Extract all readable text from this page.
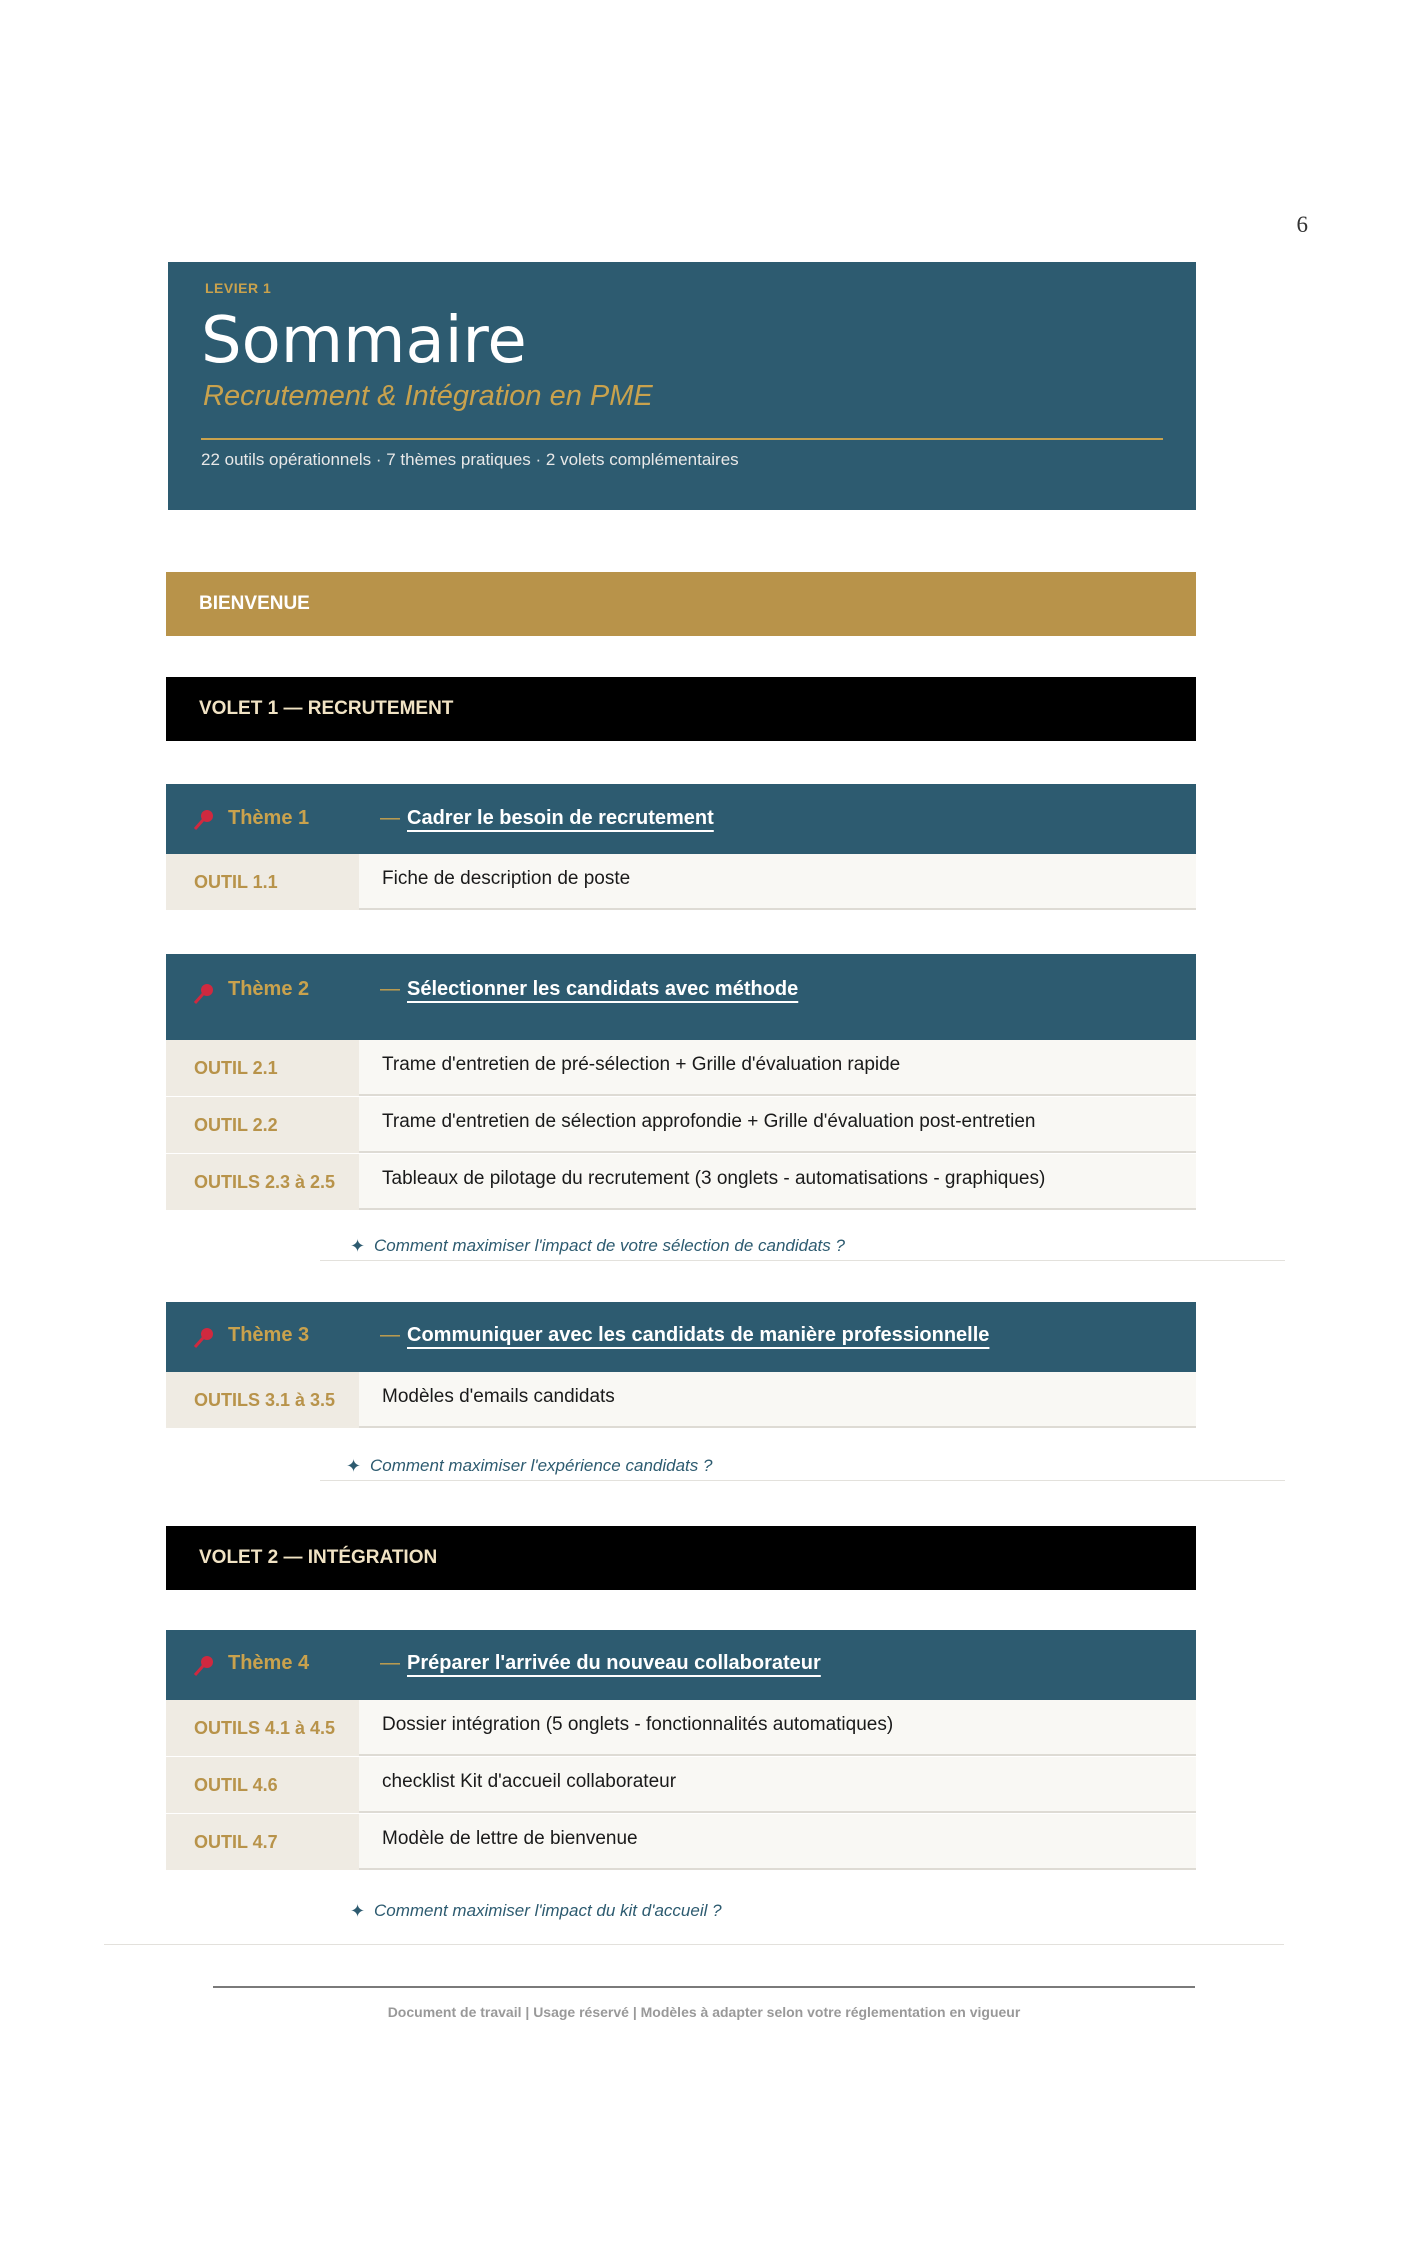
6
LEVIER 1
Sommaire
Recrutement & Intégration en PME
22 outils opérationnels · 7 thèmes pratiques · 2 volets complémentaires
BIENVENUE
VOLET 1 — RECRUTEMENT
Thème 1	— Cadrer le besoin de recrutement
OUTIL 1.1	Fiche de description de poste
Thème 2	— Sélectionner les candidats avec méthode
OUTIL 2.1	Trame d'entretien de pré-sélection + Grille d'évaluation rapide
OUTIL 2.2	Trame d'entretien de sélection approfondie + Grille d'évaluation post-entretien
OUTILS 2.3 à 2.5 Tableaux de pilotage du recrutement (3 onglets - automatisations - graphiques)
✦ Comment maximiser l'impact de votre sélection de candidats ?
Thème 3	— Communiquer avec les candidats de manière professionnelle
OUTILS 3.1 à 3.5 Modèles d'emails candidats
✦ Comment maximiser l'expérience candidats ?
VOLET 2 — INTÉGRATION
Thème 4	— Préparer l'arrivée du nouveau collaborateur
OUTILS 4.1 à 4.5 Dossier intégration (5 onglets - fonctionnalités automatiques)
OUTIL 4.6	checklist Kit d'accueil collaborateur
OUTIL 4.7	Modèle de lettre de bienvenue
✦ Comment maximiser l'impact du kit d'accueil ?
Document de travail | Usage réservé | Modèles à adapter selon votre réglementation en vigueur
